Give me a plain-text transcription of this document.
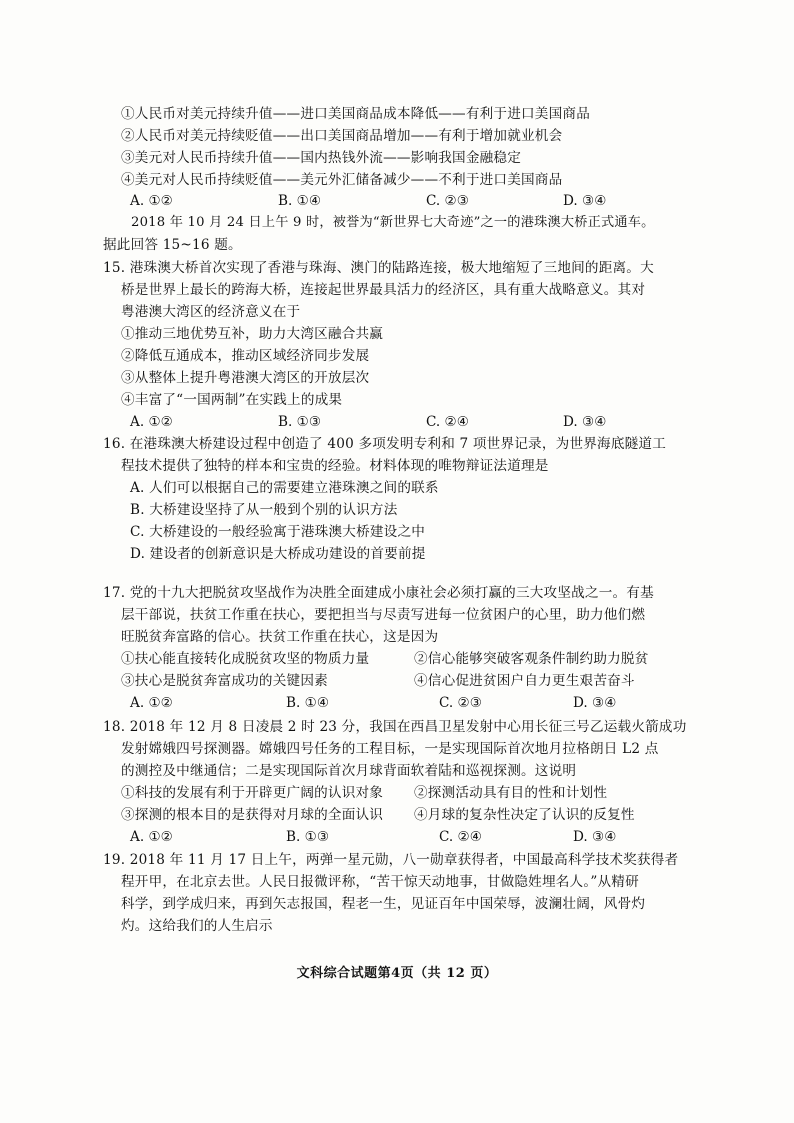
①人民币对美元持续升值——进口美国商品成本降低——有利于进口美国商品
②人民币对美元持续贬值——出口美国商品增加——有利于增加就业机会
③美元对人民币持续升值——国内热钱外流——影响我国金融稳定
④美元对人民币持续贬值——美元外汇储备减少——不利于进口美国商品
A. ①②	B. ①④	C. ②③	D. ③④
2018 年 10 月 24 日上午 9 时，被誉为“新世界七大奇迹”之一的港珠澳大桥正式通车。
据此回答 15~16 题。
15. 港珠澳大桥首次实现了香港与珠海、澳门的陆路连接，极大地缩短了三地间的距离。大
桥是世界上最长的跨海大桥，连接起世界最具活力的经济区，具有重大战略意义。其对
粤港澳大湾区的经济意义在于
①推动三地优势互补，助力大湾区融合共赢
②降低互通成本，推动区域经济同步发展
③从整体上提升粤港澳大湾区的开放层次
④丰富了“一国两制”在实践上的成果
A. ①②	B. ①③	C. ②④	D. ③④
16. 在港珠澳大桥建设过程中创造了 400 多项发明专利和 7 项世界记录，为世界海底隧道工
程技术提供了独特的样本和宝贵的经验。材料体现的唯物辩证法道理是
A. 人们可以根据自己的需要建立港珠澳之间的联系
B. 大桥建设坚持了从一般到个别的认识方法
C. 大桥建设的一般经验寓于港珠澳大桥建设之中
D. 建设者的创新意识是大桥成功建设的首要前提
17. 党的十九大把脱贫攻坚战作为决胜全面建成小康社会必须打赢的三大攻坚战之一。有基
层干部说，扶贫工作重在扶心，要把担当与尽责写进每一位贫困户的心里，助力他们燃
旺脱贫奔富路的信心。扶贫工作重在扶心，这是因为
①扶心能直接转化成脱贫攻坚的物质力量	②信心能够突破客观条件制约助力脱贫
③扶心是脱贫奔富成功的关键因素	④信心促进贫困户自力更生艰苦奋斗
A. ①②	B. ①④	C. ②③	D. ③④
18. 2018 年 12 月 8 日凌晨 2 时 23 分，我国在西昌卫星发射中心用长征三号乙运载火箭成功
发射嫦娥四号探测器。嫦娥四号任务的工程目标，一是实现国际首次地月拉格朗日 L2 点
的测控及中继通信；二是实现国际首次月球背面软着陆和巡视探测。这说明
①科技的发展有利于开辟更广阔的认识对象 ②探测活动具有目的性和计划性
③探测的根本目的是获得对月球的全面认识 ④月球的复杂性决定了认识的反复性
A. ①②	B. ①③	C. ②④	D. ③④
19. 2018 年 11 月 17 日上午，两弹一星元勋，八一勋章获得者，中国最高科学技术奖获得者
程开甲，在北京去世。人民日报微评称，“苦干惊天动地事，甘做隐姓埋名人。”从精研
科学，到学成归来，再到矢志报国，程老一生，见证百年中国荣辱，波澜壮阔，风骨灼
灼。这给我们的人生启示
文科综合试题第4页（共 12 页）
